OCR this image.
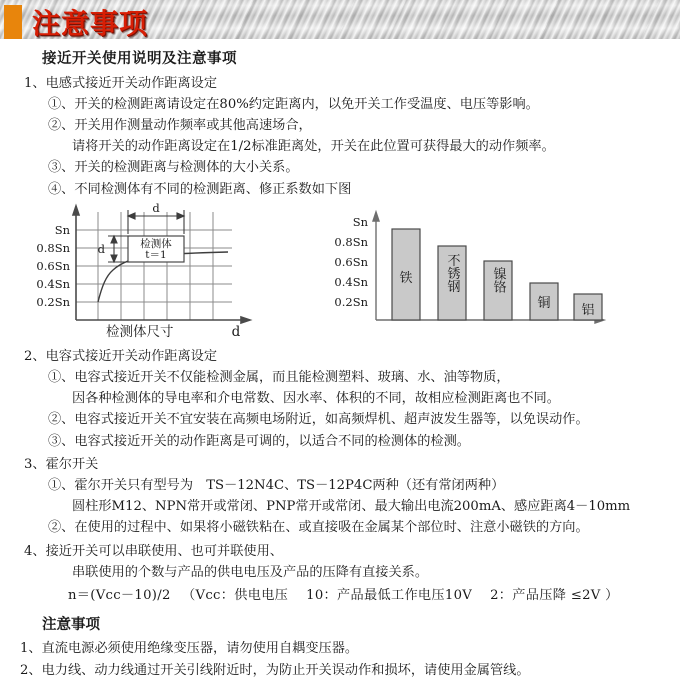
注意事项
接近开关使用说明及注意事项
1、电感式接近开关动作距离设定
①、开关的检测距离请设定在80%约定距离内，以免开关工作受温度、电压等影响。
②、开关用作测量动作频率或其他高速场合，
请将开关的动作距离设定在1/2标准距离处，开关在此位置可获得最大的动作频率。
③、开关的检测距离与检测体的大小关系。
④、不同检测体有不同的检测距离、修正系数如下图
Sn
0.8Sn
0.6Sn
0.4Sn
0.2Sn
检测体
t＝1
d
d
检测体尺寸	d
Sn
0.8Sn
0.6Sn
0.4Sn
0.2Sn
铁 不锈钢 镍铬
铜 铝
2、电容式接近开关动作距离设定
①、电容式接近开关不仅能检测金属，而且能检测塑料、玻璃、水、油等物质，
因各种检测体的导电率和介电常数、因水率、体积的不同，故相应检测距离也不同。
②、电容式接近开关不宜安装在高频电场附近，如高频焊机、超声波发生器等，以免误动作。
③、电容式接近开关的动作距离是可调的，以适合不同的检测体的检测。
3、霍尔开关
①、霍尔开关只有型号为　TS－12N4C、TS－12P4C两种（还有常闭两种）
圆柱形M12、NPN常开或常闭、PNP常开或常闭、最大输出电流200mA、感应距离4－10mm
②、在使用的过程中、如果将小磁铁粘在、或直接吸在金属某个部位时、注意小磁铁的方向。
4、接近开关可以串联使用、也可并联使用、
串联使用的个数与产品的供电电压及产品的压降有直接关系。
n＝(Vcc－10)/2 　（Vcc：供电电压 　10：产品最低工作电压10V 　2：产品压降 ≤2V ）
注意事项
1、直流电源必须使用绝缘变压器，请勿使用自耦变压器。
2、电力线、动力线通过开关引线附近时，为防止开关误动作和损坏，请使用金属管线。
